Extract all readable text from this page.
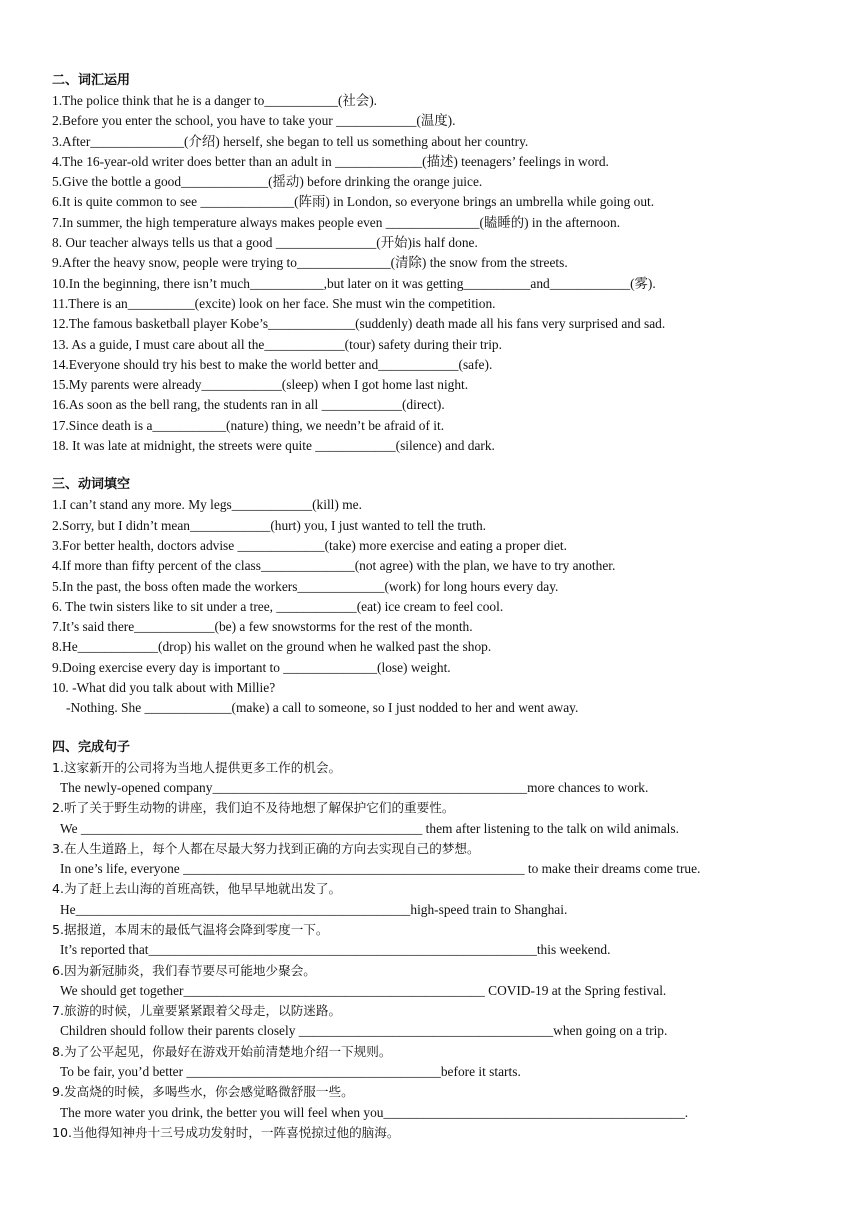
二、词汇运用
1.The police think that he is a danger to___________(社会).
2.Before you enter the school, you have to take your ____________(温度).
3.After______________(介绍) herself, she began to tell us something about her country.
4.The 16-year-old writer does better than an adult in _____________(描述) teenagers’ feelings in word.
5.Give the bottle a good_____________(摇动) before drinking the orange juice.
6.It is quite common to see ______________(阵雨) in London, so everyone brings an umbrella while going out.
7.In summer, the high temperature always makes people even ______________(瞌睡的) in the afternoon.
8. Our teacher always tells us that a good _______________(开始)is half done.
9.After the heavy snow, people were trying to______________(清除) the snow from the streets.
10.In the beginning, there isn’t much___________,but later on it was getting__________and____________(雾).
11.There is an__________(excite) look on her face. She must win the competition.
12.The famous basketball player Kobe’s_____________(suddenly) death made all his fans very surprised and sad.
13. As a guide, I must care about all the____________(tour) safety during their trip.
14.Everyone should try his best to make the world better and____________(safe).
15.My parents were already____________(sleep) when I got home last night.
16.As soon as the bell rang, the students ran in all ____________(direct).
17.Since death is a___________(nature) thing, we needn’t be afraid of it.
18. It was late at midnight, the streets were quite ____________(silence) and dark.
三、动词填空
1.I can’t stand any more. My legs____________(kill) me.
2.Sorry, but I didn’t mean____________(hurt) you, I just wanted to tell the truth.
3.For better health, doctors advise _____________(take) more exercise and eating a proper diet.
4.If more than fifty percent of the class______________(not agree) with the plan, we have to try another.
5.In the past, the boss often made the workers_____________(work) for long hours every day.
6. The twin sisters like to sit under a tree, ____________(eat) ice cream to feel cool.
7.It’s said there____________(be) a few snowstorms for the rest of the month.
8.He____________(drop) his wallet on the ground when he walked past the shop.
9.Doing exercise every day is important to ______________(lose) weight.
10. -What did you talk about with Millie?
-Nothing. She _____________(make) a call to someone, so I just nodded to her and went away.
四、完成句子
1.这家新开的公司将为当地人提供更多工作的机会。
The newly-opened company_______________________________________________more chances to work.
2.听了关于野生动物的讲座，我们迫不及待地想了解保护它们的重要性。
We ___________________________________________________ them after listening to the talk on wild animals.
3.在人生道路上，每个人都在尽最大努力找到正确的方向去实现自己的梦想。
In one’s life, everyone ___________________________________________________ to make their dreams come true.
4.为了赶上去山海的首班高铁，他早早地就出发了。
He__________________________________________________high-speed train to Shanghai.
5.据报道，本周末的最低气温将会降到零度一下。
It’s reported that__________________________________________________________this weekend.
6.因为新冠肺炎，我们春节要尽可能地少聚会。
We should get together_____________________________________________ COVID-19 at the Spring festival.
7.旅游的时候，儿童要紧紧跟着父母走，以防迷路。
Children should follow their parents closely ______________________________________when going on a trip.
8.为了公平起见，你最好在游戏开始前清楚地介绍一下规则。
To be fair, you’d better ______________________________________before it starts.
9.发高烧的时候，多喝些水，你会感觉略微舒服一些。
The more water you drink, the better you will feel when you_____________________________________________.
10.当他得知神舟十三号成功发射时，一阵喜悦掠过他的脑海。
